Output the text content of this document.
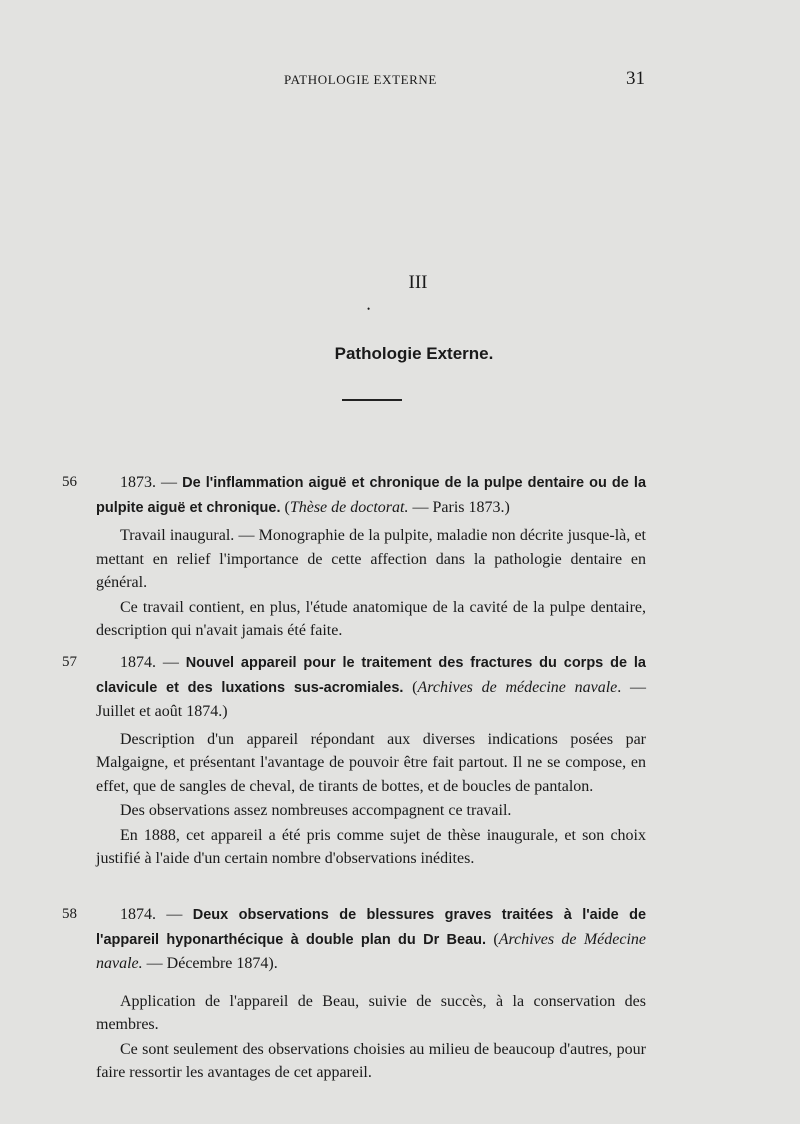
PATHOLOGIE EXTERNE	31
III
•
Pathologie Externe.
56	1873. — De l'inflammation aiguë et chronique de la pulpe dentaire ou de la pulpite aiguë et chronique. (Thèse de doctorat. — Paris 1873.)

Travail inaugural. — Monographie de la pulpite, maladie non décrite jusque-là, et mettant en relief l'importance de cette affection dans la pathologie dentaire en général.

Ce travail contient, en plus, l'étude anatomique de la cavité de la pulpe dentaire, description qui n'avait jamais été faite.

57	1874. — Nouvel appareil pour le traitement des fractures du corps de la clavicule et des luxations sus-acromiales. (Archives de médecine navale. — Juillet et août 1874.)

Description d'un appareil répondant aux diverses indications posées par Malgaigne, et présentant l'avantage de pouvoir être fait partout. Il ne se compose, en effet, que de sangles de cheval, de tirants de bottes, et de boucles de pantalon.

Des observations assez nombreuses accompagnent ce travail.

En 1888, cet appareil a été pris comme sujet de thèse inaugurale, et son choix justifié à l'aide d'un certain nombre d'observations inédites.

58	1874. — Deux observations de blessures graves traitées à l'aide de l'appareil hyponarthécique à double plan du Dr Beau. (Archives de Médecine navale. — Décembre 1874).

Application de l'appareil de Beau, suivie de succès, à la conservation des membres.

Ce sont seulement des observations choisies au milieu de beaucoup d'autres, pour faire ressortir les avantages de cet appareil.
